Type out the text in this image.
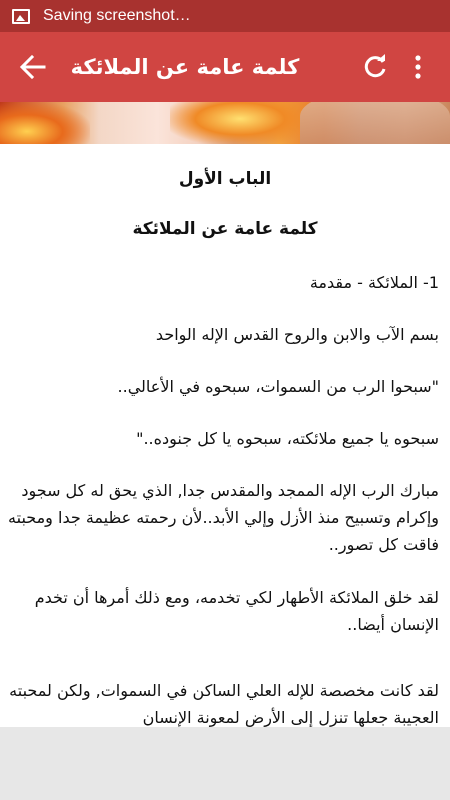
Saving screenshot…
كلمة عامة عن الملائكة
الباب الأول
كلمة عامة عن الملائكة

1- الملائكة - مقدمة

بسم الآب والابن والروح القدس الإله الواحد

"سبحوا الرب من السموات، سبحوه في الأعالي..

سبحوه يا جميع ملائكته، سبحوه يا كل جنوده.."

مبارك الرب الإله الممجد والمقدس جدا, الذي يحق له كل سجود وإكرام وتسبيح منذ الأزل وإلي الأبد..لأن رحمته عظيمة جدا ومحبته فاقت كل تصور..

لقد خلق الملائكة الأطهار لكي تخدمه، ومع ذلك أمرها أن تخدم الإنسان أيضا..

لقد كانت مخصصة للإله العلي الساكن في السموات, ولكن لمحبته العجيبة جعلها تنزل إلى الأرض لمعونة الإنسان
